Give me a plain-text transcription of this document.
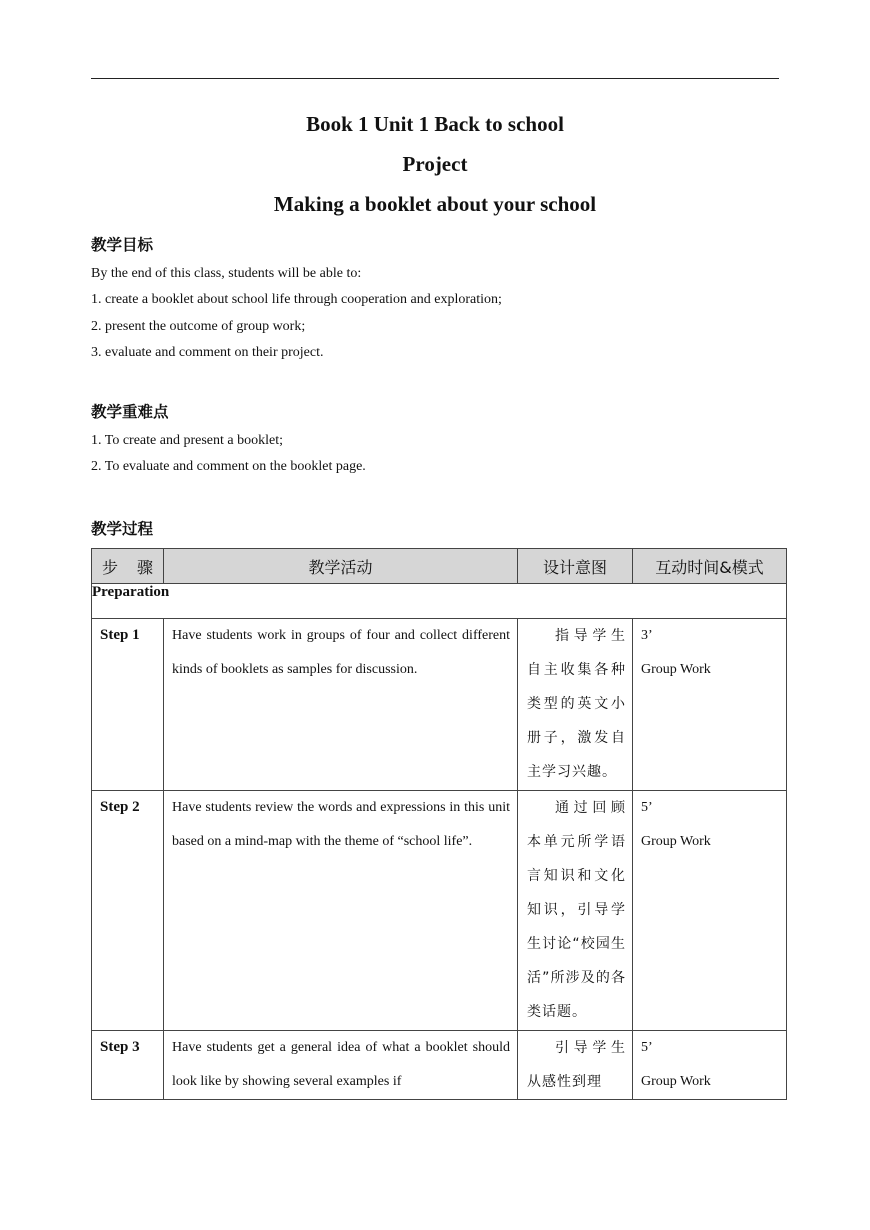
Book 1 Unit 1 Back to school
Project
Making a booklet about your school
教学目标

By the end of this class, students will be able to:

1. create a booklet about school life through cooperation and exploration;

2. present the outcome of group work;

3. evaluate and comment on their project.

教学重难点

1. To create and present a booklet;

2. To evaluate and comment on the booklet page.

教学过程
步 骤	教学活动	设计意图	互动时间&模式
Preparation			
Step 1	Have students work in groups of four and collect different kinds of booklets as samples for discussion.	指导学生自主收集各种类型的英文小册子，激发自主学习兴趣。	3’
Group Work

Step 2	Have students review the words and expressions in this unit based on a mind-map with the theme of “school life”.	通过回顾本单元所学语言知识和文化知识，引导学生讨论“校园生活”所涉及的各类话题。	5’
Group Work

Step 3	Have students get a general idea of what a booklet should look like by showing several examples if	引导学生从感性到理	5’
Group Work
